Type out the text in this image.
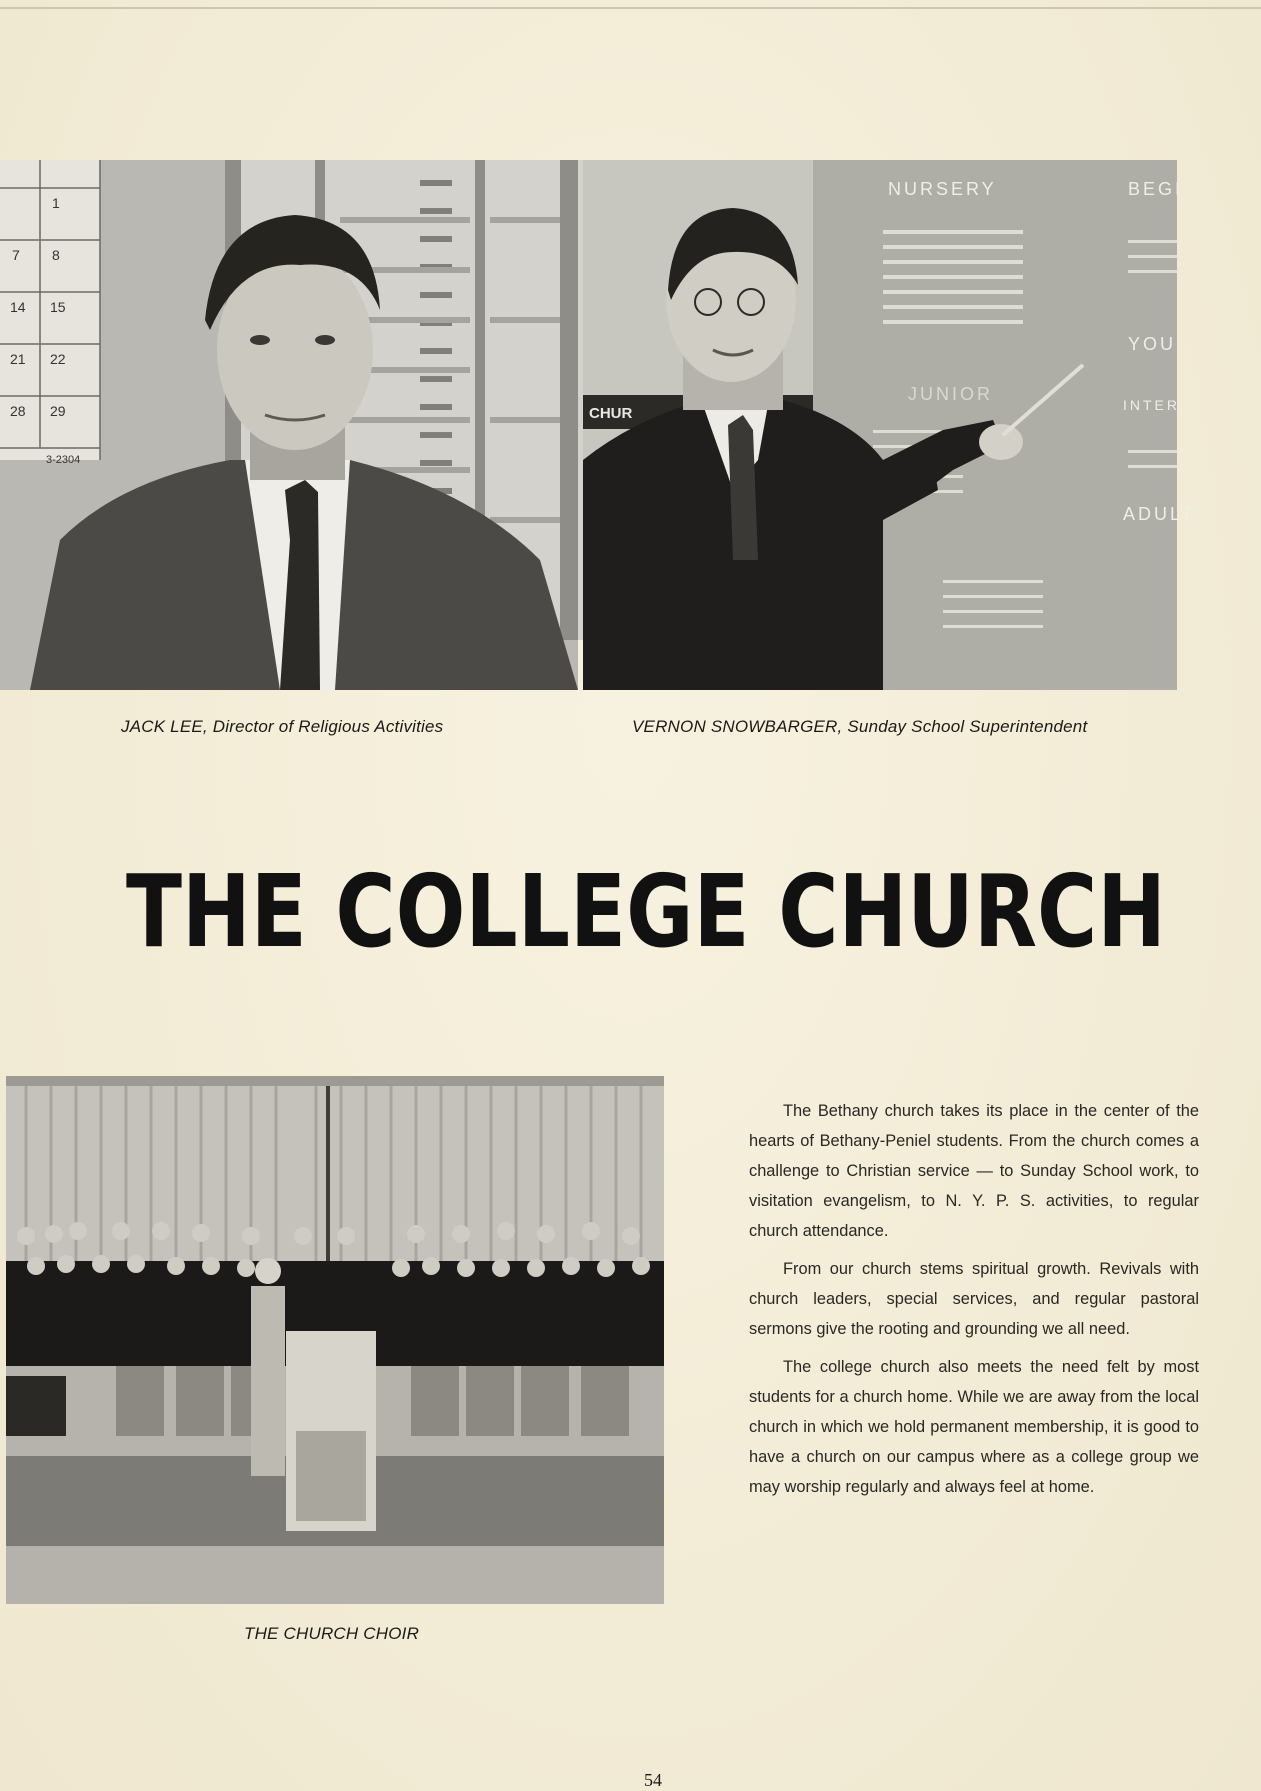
1
7 8
14 15
21 22
28 29
3-2304
NURSERY
JUNIOR
BEGI
YOU
INTER
ADULT
CHUR
JACK LEE, Director of Religious Activities	VERNON SNOWBARGER, Sunday School Superintendent
THE COLLEGE CHURCH
THE CHURCH CHOIR

The Bethany church takes its place in the center of the hearts of Bethany-Peniel students. From the church comes a challenge to Christian service — to Sunday School work, to visitation evangelism, to N. Y. P. S. activities, to regular church attendance.

From our church stems spiritual growth. Revivals with church leaders, special services, and regular pastoral sermons give the rooting and grounding we all need.

The college church also meets the need felt by most students for a church home. While we are away from the local church in which we hold permanent membership, it is good to have a church on our campus where as a college group we may worship regularly and always feel at home.

54
